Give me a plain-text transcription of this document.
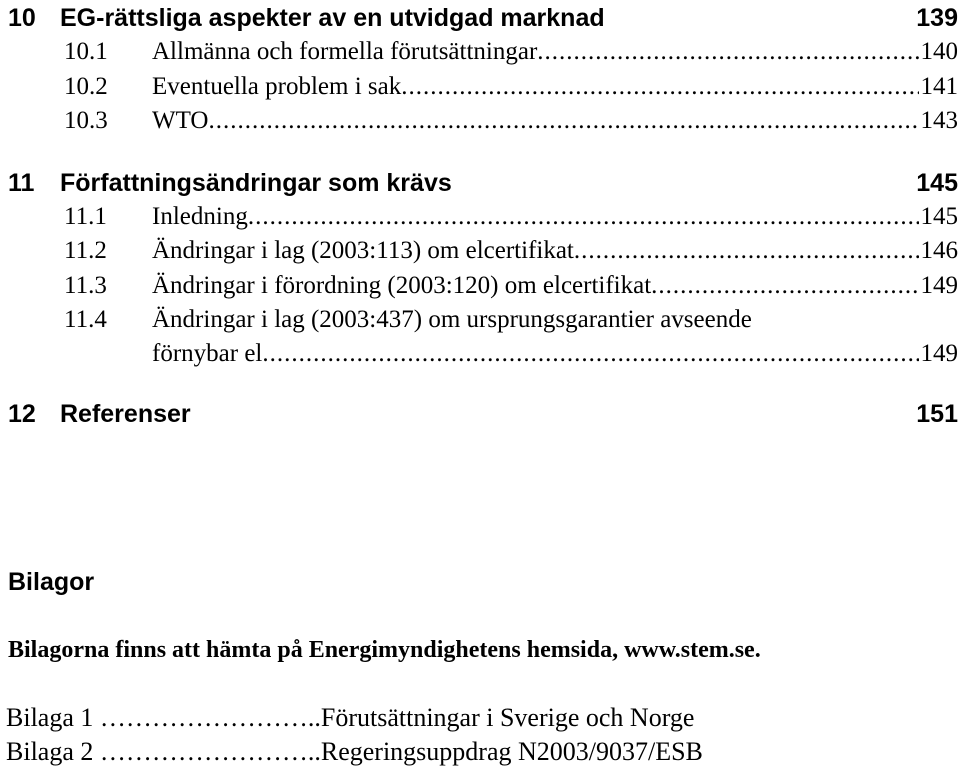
10 EG-rättsliga aspekter av en utvidgad marknad	139
10.1	Allmänna och formella förutsättningar .....	140
10.2	Eventuella problem i sak .....	141
10.3	WTO .....	143
11	Författningsändringar som krävs	145
11.1	Inledning .....	145
11.2	Ändringar i lag (2003:113) om elcertifikat .....	146
11.3	Ändringar i förordning (2003:120) om elcertifikat .....	149
11.4	Ändringar i lag (2003:437) om ursprungsgarantier avseende
förnybar el .....	149
12 Referenser	151
Bilagor
Bilagorna finns att hämta på Energimyndighetens hemsida, www.stem.se.
Bilaga 1 ……………………..Förutsättningar i Sverige och Norge
Bilaga 2 ……………………..Regeringsuppdrag N2003/9037/ESB
